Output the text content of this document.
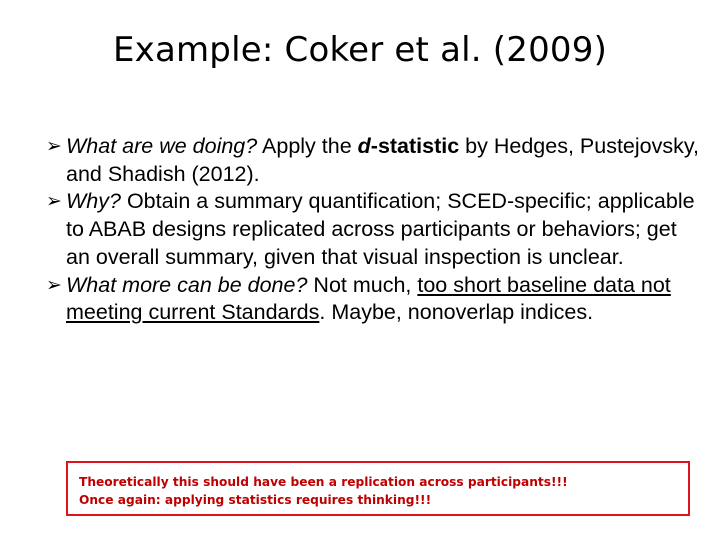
Example: Coker et al. (2009)
➢ What are we doing? Apply the d-statistic by Hedges, Pustejovsky, and Shadish (2012).
➢ Why? Obtain a summary quantification; SCED-specific; applicable to ABAB designs replicated across participants or behaviors; get an overall summary, given that visual inspection is unclear.
➢ What more can be done? Not much, too short baseline data not meeting current Standards. Maybe, nonoverlap indices.
Theoretically this should have been a replication across participants!!!
Once again: applying statistics requires thinking!!!
